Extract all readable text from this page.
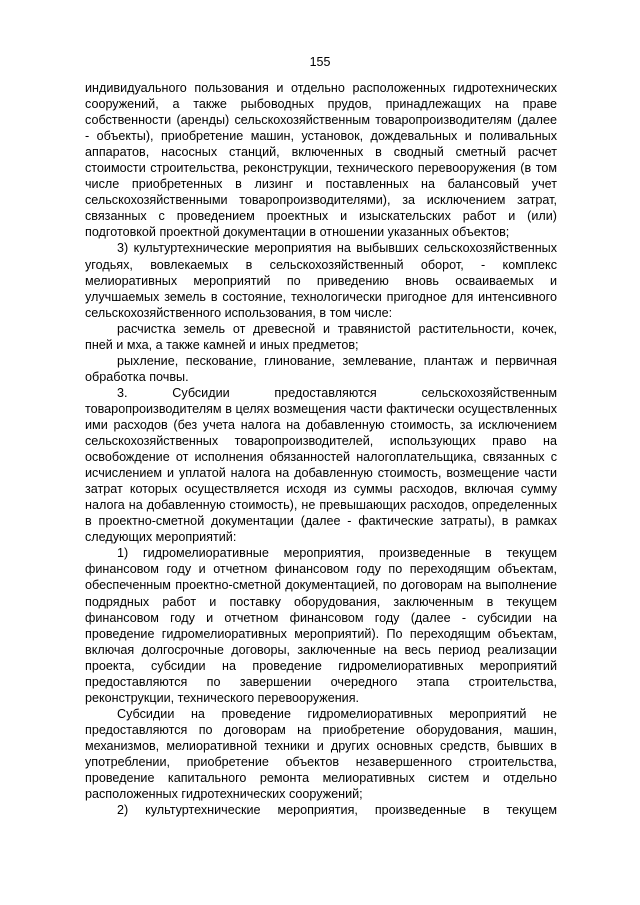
155

индивидуального пользования и отдельно расположенных гидротехнических сооружений, а также рыбоводных прудов, принадлежащих на праве собственности (аренды) сельскохозяйственным товаропроизводителям (далее - объекты), приобретение машин, установок, дождевальных и поливальных аппаратов, насосных станций, включенных в сводный сметный расчет стоимости строительства, реконструкции, технического перевооружения (в том числе приобретенных в лизинг и поставленных на балансовый учет сельскохозяйственными товаропроизводителями), за исключением затрат, связанных с проведением проектных и изыскательских работ и (или) подготовкой проектной документации в отношении указанных объектов;

3) культуртехнические мероприятия на выбывших сельскохозяйственных угодьях, вовлекаемых в сельскохозяйственный оборот, - комплекс мелиоративных мероприятий по приведению вновь осваиваемых и улучшаемых земель в состояние, технологически пригодное для интенсивного сельскохозяйственного использования, в том числе:

расчистка земель от древесной и травянистой растительности, кочек, пней и мха, а также камней и иных предметов;

рыхление, пескование, глинование, землевание, плантаж и первичная обработка почвы.

3. Субсидии предоставляются сельскохозяйственным товаропроизводителям в целях возмещения части фактически осуществленных ими расходов (без учета налога на добавленную стоимость, за исключением сельскохозяйственных товаропроизводителей, использующих право на освобождение от исполнения обязанностей налогоплательщика, связанных с исчислением и уплатой налога на добавленную стоимость, возмещение части затрат которых осуществляется исходя из суммы расходов, включая сумму налога на добавленную стоимость), не превышающих расходов, определенных в проектно-сметной документации (далее - фактические затраты), в рамках следующих мероприятий:

1) гидромелиоративные мероприятия, произведенные в текущем финансовом году и отчетном финансовом году по переходящим объектам, обеспеченным проектно-сметной документацией, по договорам на выполнение подрядных работ и поставку оборудования, заключенным в текущем финансовом году и отчетном финансовом году (далее - субсидии на проведение гидромелиоративных мероприятий). По переходящим объектам, включая долгосрочные договоры, заключенные на весь период реализации проекта, субсидии на проведение гидромелиоративных мероприятий предоставляются по завершении очередного этапа строительства, реконструкции, технического перевооружения.

Субсидии на проведение гидромелиоративных мероприятий не предоставляются по договорам на приобретение оборудования, машин, механизмов, мелиоративной техники и других основных средств, бывших в употреблении, приобретение объектов незавершенного строительства, проведение капитального ремонта мелиоративных систем и отдельно расположенных гидротехнических сооружений;

2) культуртехнические мероприятия, произведенные в текущем
